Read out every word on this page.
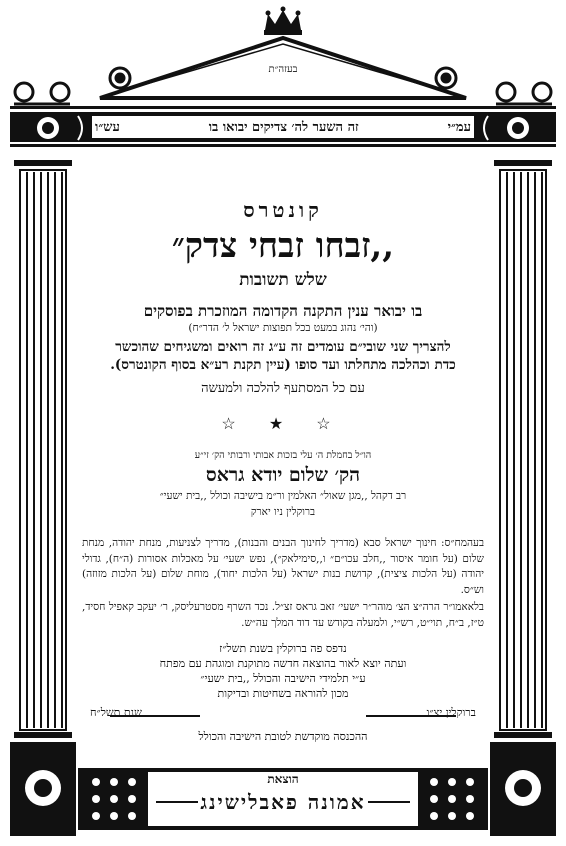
בעזה״ת
עמ״י
זה השער לה׳ צדיקים יבואו בו
עש״ו
קונטרס
,,זבחו זבחי צדק״
שלש תשובות
בו יבואר ענין התקנה הקדומה המוזכרת בפוסקים
(והי׳ נהוג במעט בכל תפוצות ישראל ל׳ הדר״ח)
להצריך שני שובי״ם עומדים זה ע״ג זה רואים ומשגיחים שהוכשר
כדת וכהלכה מתחלתו ועד סופו (עיין תקנת רע״א בסוף הקונטרס).
עם כל המסתעף להלכה ולמעשה
☆ ★ ☆
הו״ל בחמלת ה׳ עלי בזכות אבותי ורבותי הק׳ זי״ע
הק׳ שלום יודא גראס
רב דקהל ,,מגן שאול״ האלמין ור״מ בישיבה וכולל ,,בית ישעי״
ברוקלין ניו יארק
בעהמח״ס: חינוך ישראל סבא (מדריך לחינוך הבנים והבנות), מדריך לצניעות, מנחת יהודה, מנחת שלום (על חומר איסור ,,חלב עכו״ם״ ו,,סימילאק״), נפש ישעי׳ על מאכלות אסורות (ה״ח), גדולי יהודה (על הלכות ציצית), קדושת בנות ישראל (על הלכות יחוד), מוחת שלום (על הלכות מזוזה) וש״ס.
בלאאמו״ר הרה״צ הצ׳ מוהר״ר ישעי׳ זאב גראס זצ״ל. נכד השרף מסטרעליסק, ר׳ יעקב קאפיל חסיד, ט״ז, ב״ח, תוי״ט, רש״י, ולמעלה בקודש עד דוד המלך עה״ש.
נדפס פה ברוקלין בשנת תשל״ז
ועתה יוצא לאור בהוצאה חדשה מתוקנת ומוגהת עם מפתח
ע״י תלמידי הישיבה והכולל ,,בית ישעי״
מכון להוראה בשחיטות ובדיקות
ברוקלין יצ״ו
שנת תשל״ח
ההכנסה מוקדשת לטובת הישיבה והכולל
הוצאת
אמונה פאבלישינג
